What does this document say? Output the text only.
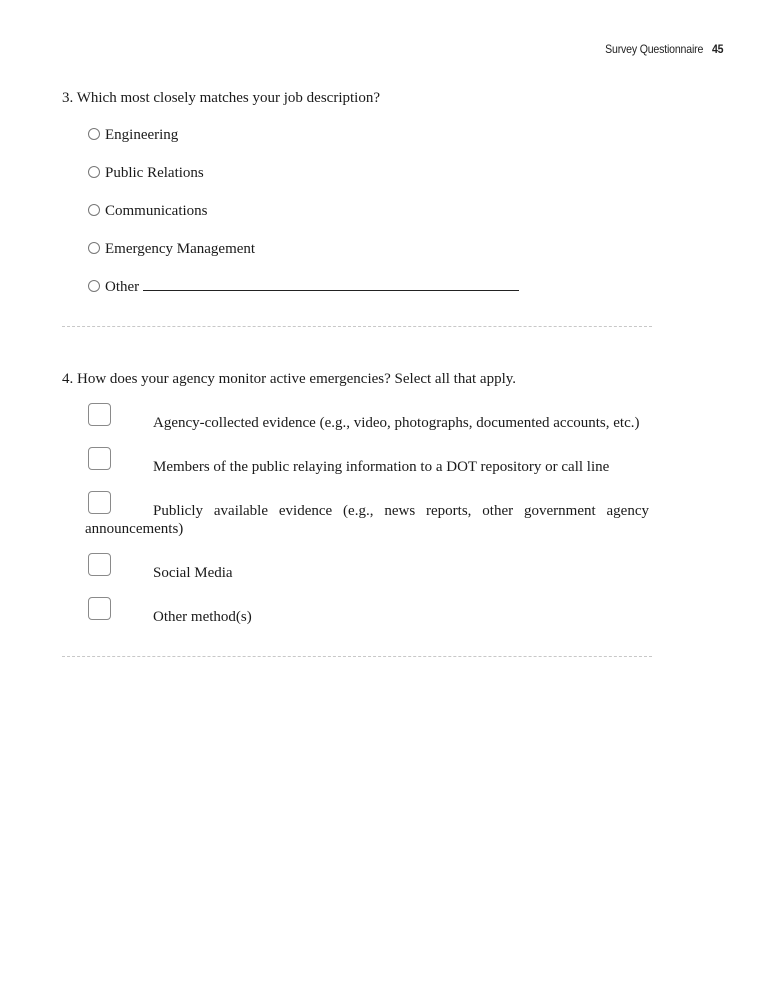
Survey Questionnaire 45
3. Which most closely matches your job description?
Engineering
Public Relations
Communications
Emergency Management
Other
4. How does your agency monitor active emergencies? Select all that apply.
Agency-collected evidence (e.g., video, photographs, documented accounts, etc.)
Members of the public relaying information to a DOT repository or call line
Publicly available evidence (e.g., news reports, other government agency announcements)
Social Media
Other method(s)
